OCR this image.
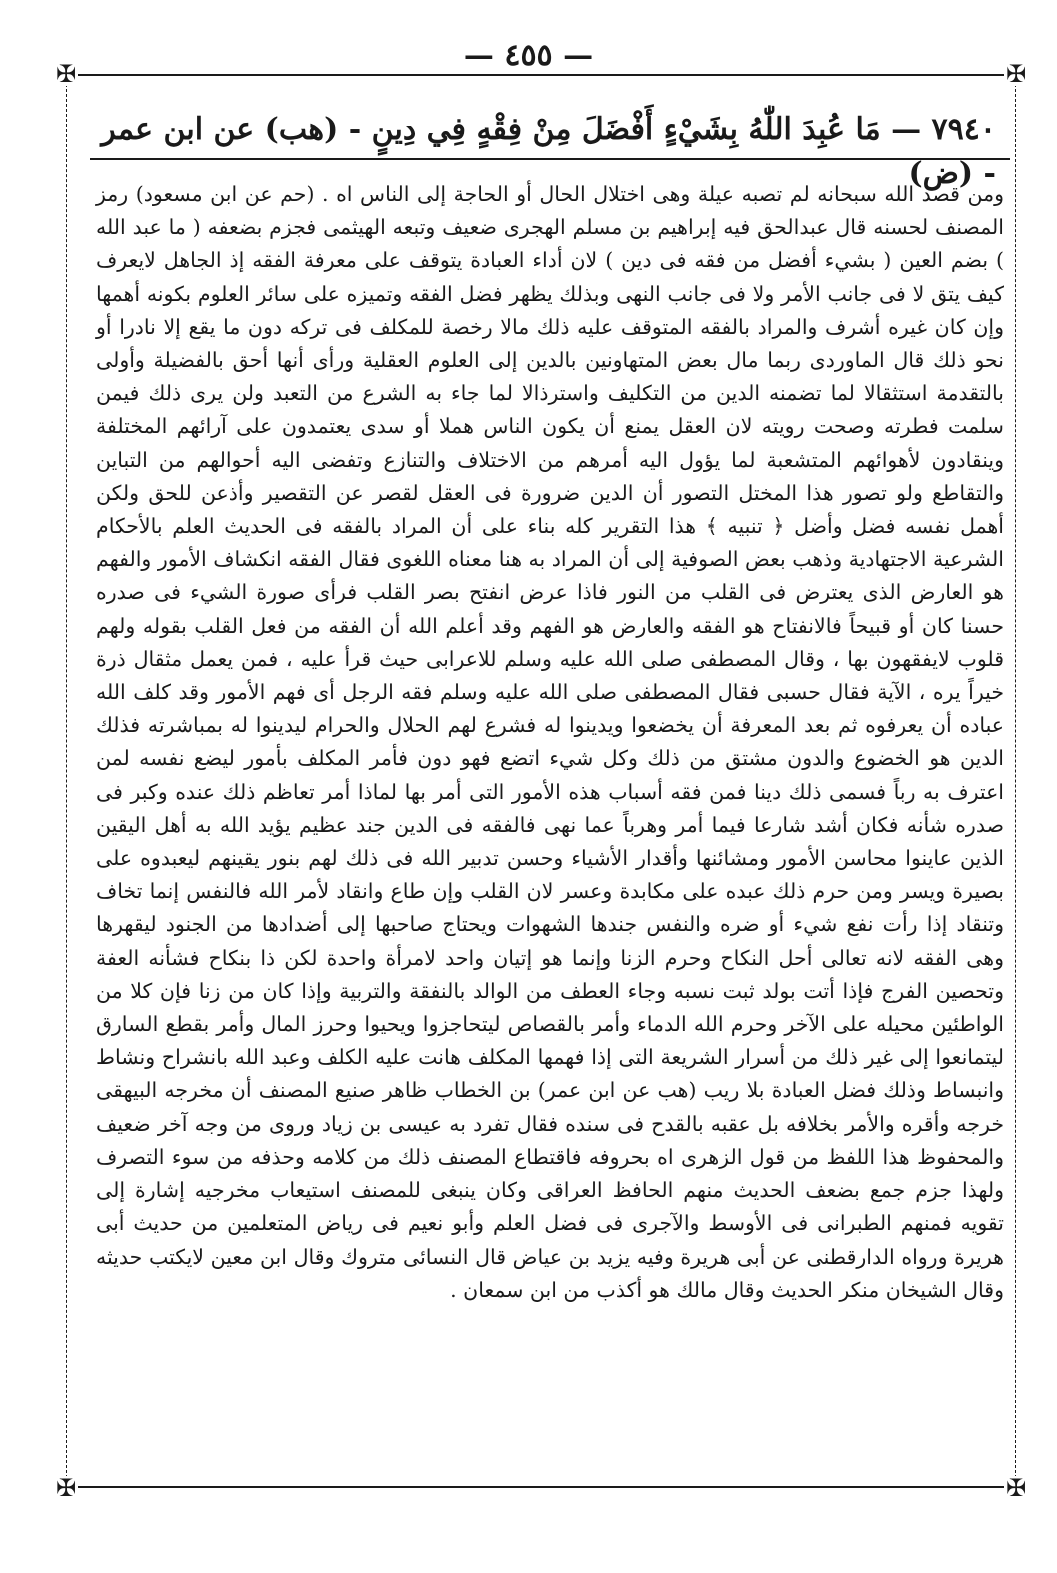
— ٤٥٥ —
✠	✠
✠	✠
٧٩٤٠ — مَا عُبِدَ اللّٰهُ بِشَيْءٍ أَفْضَلَ مِنْ فِقْهٍ فِي دِينٍ - (هب) عن ابن عمر - (ض)
ومن قصد الله سبحانه لم تصبه عيلة وهى اختلال الحال أو الحاجة إلى الناس اه . (حم عن ابن مسعود) رمز المصنف لحسنه قال عبدالحق فيه إبراهيم بن مسلم الهجرى ضعيف وتبعه الهيثمى فجزم بضعفه ( ما عبد الله ) بضم العين ( بشيء أفضل من فقه فى دين ) لان أداء العبادة يتوقف على معرفة الفقه إذ الجاهل لايعرف كيف يتق لا فى جانب الأمر ولا فى جانب النهى وبذلك يظهر فضل الفقه وتميزه على سائر العلوم بكونه أهمها وإن كان غيره أشرف والمراد بالفقه المتوقف عليه ذلك مالا رخصة للمكلف فى تركه دون ما يقع إلا نادرا أو نحو ذلك قال الماوردى ربما مال بعض المتهاونين بالدين إلى العلوم العقلية ورأى أنها أحق بالفضيلة وأولى بالتقدمة استثقالا لما تضمنه الدين من التكليف واسترذالا لما جاء به الشرع من التعبد ولن يرى ذلك فيمن سلمت فطرته وصحت رويته لان العقل يمنع أن يكون الناس هملا أو سدى يعتمدون على آرائهم المختلفة وينقادون لأهوائهم المتشعبة لما يؤول اليه أمرهم من الاختلاف والتنازع وتفضى اليه أحوالهم من التباين والتقاطع ولو تصور هذا المختل التصور أن الدين ضرورة فى العقل لقصر عن التقصير وأذعن للحق ولكن أهمل نفسه فضل وأضل ﴿ تنبيه ﴾ هذا التقرير كله بناء على أن المراد بالفقه فى الحديث العلم بالأحكام الشرعية الاجتهادية وذهب بعض الصوفية إلى أن المراد به هنا معناه اللغوى فقال الفقه انكشاف الأمور والفهم هو العارض الذى يعترض فى القلب من النور فاذا عرض انفتح بصر القلب فرأى صورة الشيء فى صدره حسنا كان أو قبيحاً فالانفتاح هو الفقه والعارض هو الفهم وقد أعلم الله أن الفقه من فعل القلب بقوله ولهم قلوب لايفقهون بها ، وقال المصطفى صلى الله عليه وسلم للاعرابى حيث قرأ عليه ، فمن يعمل مثقال ذرة خيراً يره ، الآية فقال حسبى فقال المصطفى صلى الله عليه وسلم فقه الرجل أى فهم الأمور وقد كلف الله عباده أن يعرفوه ثم بعد المعرفة أن يخضعوا ويدينوا له فشرع لهم الحلال والحرام ليدينوا له بمباشرته فذلك الدين هو الخضوع والدون مشتق من ذلك وكل شيء اتضع فهو دون فأمر المكلف بأمور ليضع نفسه لمن اعترف به رباً فسمى ذلك دينا فمن فقه أسباب هذه الأمور التى أمر بها لماذا أمر تعاظم ذلك عنده وكبر فى صدره شأنه فكان أشد شارعا فيما أمر وهرباً عما نهى فالفقه فى الدين جند عظيم يؤيد الله به أهل اليقين الذين عاينوا محاسن الأمور ومشائنها وأقدار الأشياء وحسن تدبير الله فى ذلك لهم بنور يقينهم ليعبدوه على بصيرة ويسر ومن حرم ذلك عبده على مكابدة وعسر لان القلب وإن طاع وانقاد لأمر الله فالنفس إنما تخاف وتنقاد إذا رأت نفع شيء أو ضره والنفس جندها الشهوات ويحتاج صاحبها إلى أضدادها من الجنود ليقهرها وهى الفقه لانه تعالى أحل النكاح وحرم الزنا وإنما هو إتيان واحد لامرأة واحدة لكن ذا بنكاح فشأنه العفة وتحصين الفرج فإذا أتت بولد ثبت نسبه وجاء العطف من الوالد بالنفقة والتربية وإذا كان من زنا فإن كلا من الواطئين محيله على الآخر وحرم الله الدماء وأمر بالقصاص ليتحاجزوا ويحيوا وحرز المال وأمر بقطع السارق ليتمانعوا إلى غير ذلك من أسرار الشريعة التى إذا فهمها المكلف هانت عليه الكلف وعبد الله بانشراح ونشاط وانبساط وذلك فضل العبادة بلا ريب (هب عن ابن عمر) بن الخطاب ظاهر صنيع المصنف أن مخرجه البيهقى خرجه وأقره والأمر بخلافه بل عقبه بالقدح فى سنده فقال تفرد به عيسى بن زياد وروى من وجه آخر ضعيف والمحفوظ هذا اللفظ من قول الزهرى اه بحروفه فاقتطاع المصنف ذلك من كلامه وحذفه من سوء التصرف ولهذا جزم جمع بضعف الحديث منهم الحافظ العراقى وكان ينبغى للمصنف استيعاب مخرجيه إشارة إلى تقويه فمنهم الطبرانى فى الأوسط والآجرى فى فضل العلم وأبو نعيم فى رياض المتعلمين من حديث أبى هريرة ورواه الدارقطنى عن أبى هريرة وفيه يزيد بن عياض قال النسائى متروك وقال ابن معين لايكتب حديثه وقال الشيخان منكر الحديث وقال مالك هو أكذب من ابن سمعان .
